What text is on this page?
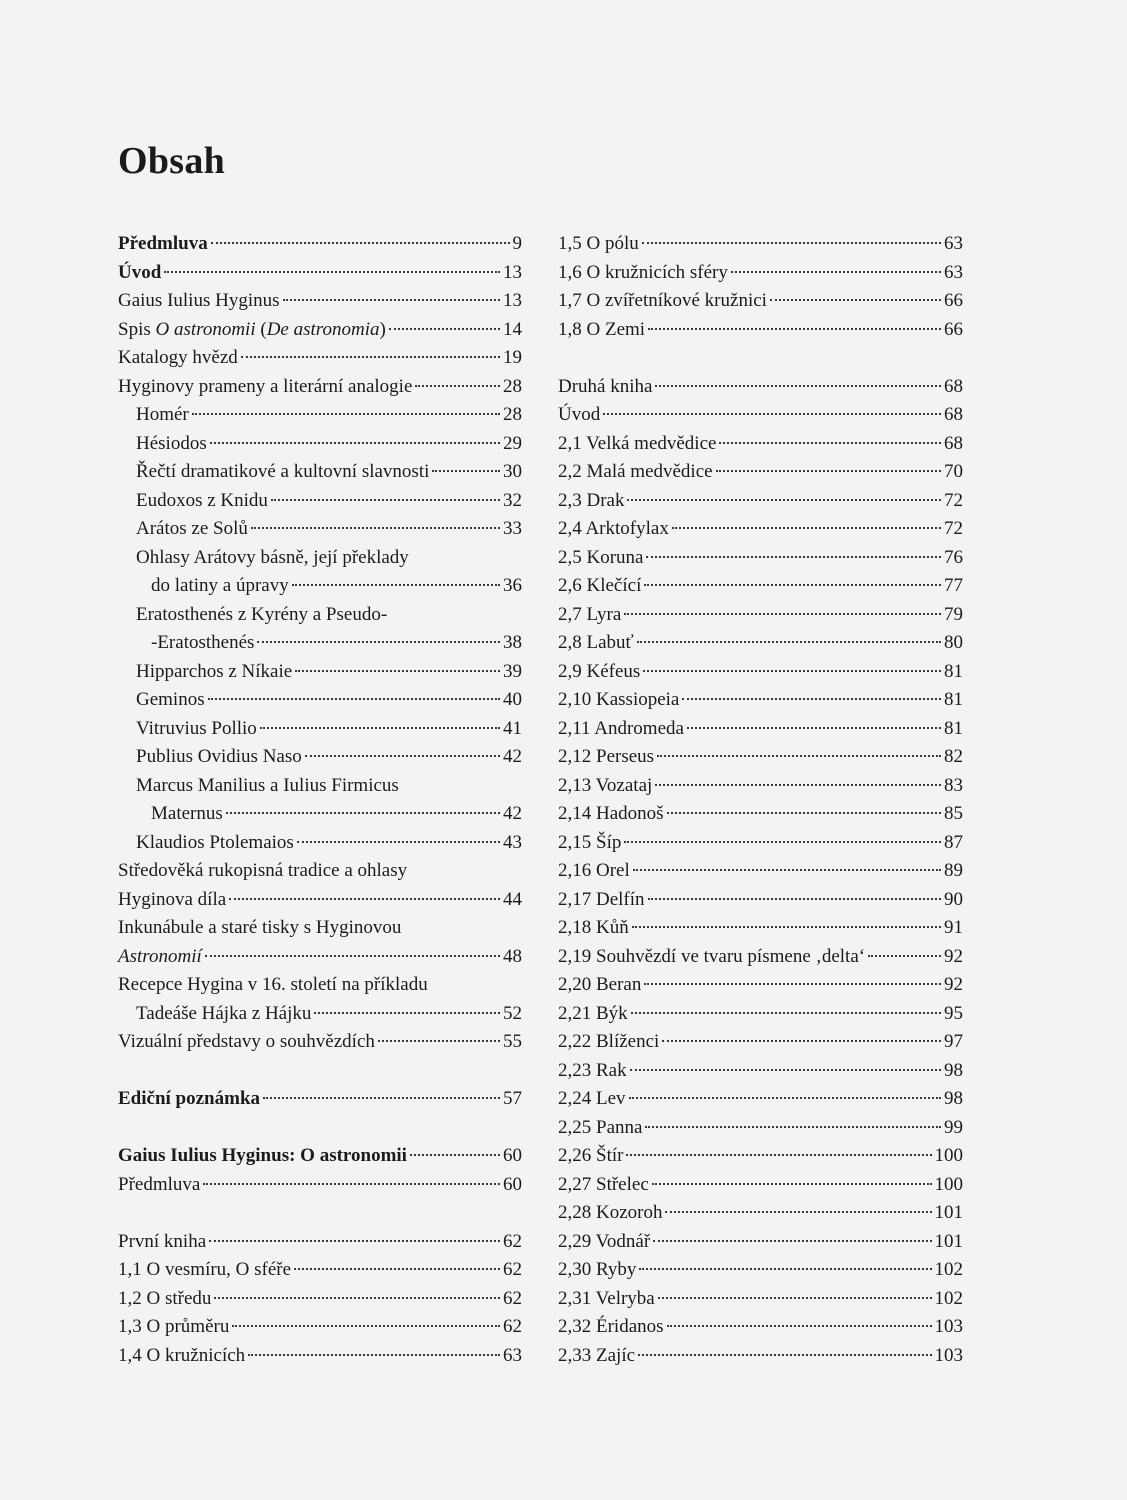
Obsah
Předmluva	9
Úvod	13
Gaius Iulius Hyginus	13
Spis O astronomii (De astronomia)	14
Katalogy hvězd	19
Hyginovy prameny a literární analogie	28
Homér	28
Hésiodos	29
Řečtí dramatikové a kultovní slavnosti	30
Eudoxos z Knidu	32
Arátos ze Solů	33
Ohlasy Arátovy básně, její překlady
do latiny a úpravy	36
Eratosthenés z Kyrény a Pseudo-
-Eratosthenés	38
Hipparchos z Níkaie	39
Geminos	40
Vitruvius Pollio	41
Publius Ovidius Naso	42
Marcus Manilius a Iulius Firmicus
Maternus	42
Klaudios Ptolemaios	43
Středověká rukopisná tradice a ohlasy
Hyginova díla	44
Inkunábule a staré tisky s Hyginovou
Astronomií	48
Recepce Hygina v 16. století na příkladu
Tadeáše Hájka z Hájku	52
Vizuální představy o souhvězdích	55
Ediční poznámka	57
Gaius Iulius Hyginus: O astronomii	60
Předmluva	60
První kniha	62
1,1 O vesmíru, O sféře	62
1,2 O středu	62
1,3 O průměru	62
1,4 O kružnicích	63
1,5 O pólu	63
1,6 O kružnicích sféry	63
1,7 O zvířetníkové kružnici	66
1,8 O Zemi	66
Druhá kniha	68
Úvod	68
2,1 Velká medvědice	68
2,2 Malá medvědice	70
2,3 Drak	72
2,4 Arktofylax	72
2,5 Koruna	76
2,6 Klečící	77
2,7 Lyra	79
2,8 Labuť	80
2,9 Kéfeus	81
2,10 Kassiopeia	81
2,11 Andromeda	81
2,12 Perseus	82
2,13 Vozataj	83
2,14 Hadonoš	85
2,15 Šíp	87
2,16 Orel	89
2,17 Delfín	90
2,18 Kůň	91
2,19 Souhvězdí ve tvaru písmene ‚delta‘	92
2,20 Beran	92
2,21 Býk	95
2,22 Blíženci	97
2,23 Rak	98
2,24 Lev	98
2,25 Panna	99
2,26 Štír	100
2,27 Střelec	100
2,28 Kozoroh	101
2,29 Vodnář	101
2,30 Ryby	102
2,31 Velryba	102
2,32 Éridanos	103
2,33 Zajíc	103
